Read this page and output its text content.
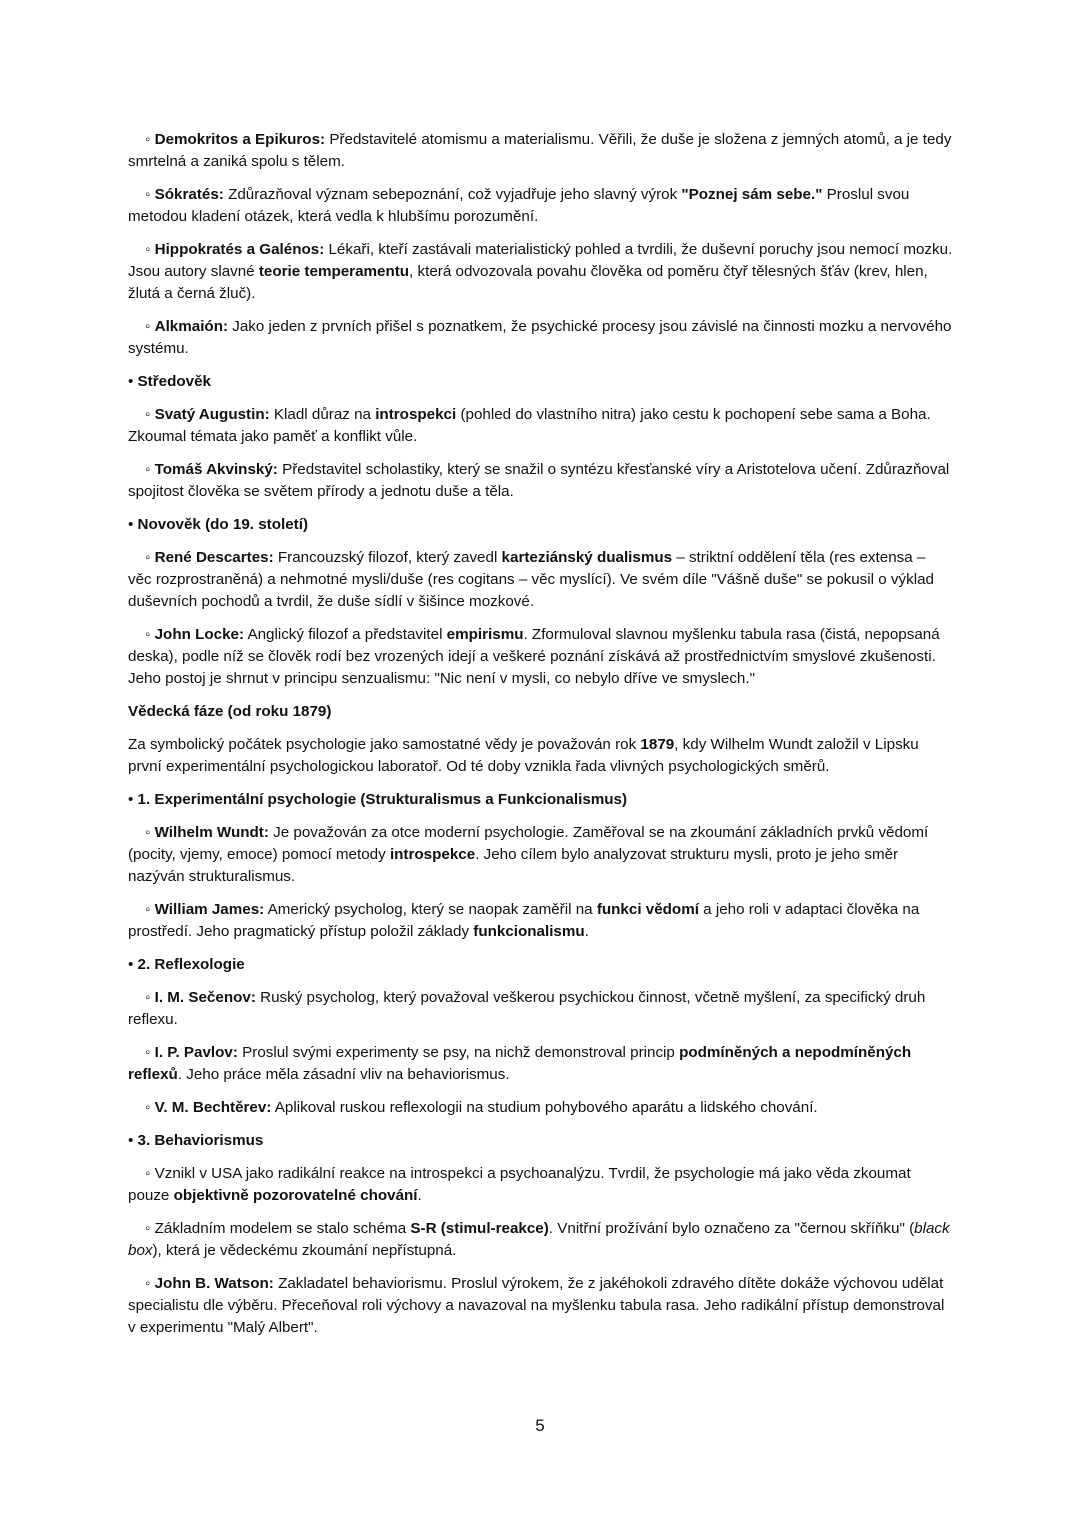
◦ Demokritos a Epikuros: Představitelé atomismu a materialismu. Věřili, že duše je složena z jemných atomů, a je tedy smrtelná a zaniká spolu s tělem.

◦ Sókratés: Zdůrazňoval význam sebepoznání, což vyjadřuje jeho slavný výrok "Poznej sám sebe." Proslul svou metodou kladení otázek, která vedla k hlubšímu porozumění.

◦ Hippokratés a Galénos: Lékaři, kteří zastávali materialistický pohled a tvrdili, že duševní poruchy jsou nemocí mozku. Jsou autory slavné teorie temperamentu, která odvozovala povahu člověka od poměru čtyř tělesných šťáv (krev, hlen, žlutá a černá žluč).

◦ Alkmaión: Jako jeden z prvních přišel s poznatkem, že psychické procesy jsou závislé na činnosti mozku a nervového systému.

• Středověk

◦ Svatý Augustin: Kladl důraz na introspekci (pohled do vlastního nitra) jako cestu k pochopení sebe sama a Boha. Zkoumal témata jako paměť a konflikt vůle.

◦ Tomáš Akvinský: Představitel scholastiky, který se snažil o syntézu křesťanské víry a Aristotelova učení. Zdůrazňoval spojitost člověka se světem přírody a jednotu duše a těla.

• Novověk (do 19. století)

◦ René Descartes: Francouzský filozof, který zavedl karteziánský dualismus – striktní oddělení těla (res extensa – věc rozprostraněná) a nehmotné mysli/duše (res cogitans – věc myslící). Ve svém díle "Vášně duše" se pokusil o výklad duševních pochodů a tvrdil, že duše sídlí v šišince mozkové.

◦ John Locke: Anglický filozof a představitel empirismu. Zformuloval slavnou myšlenku tabula rasa (čistá, nepopsaná deska), podle níž se člověk rodí bez vrozených idejí a veškeré poznání získává až prostřednictvím smyslové zkušenosti. Jeho postoj je shrnut v principu senzualismu: "Nic není v mysli, co nebylo dříve ve smyslech."

Vědecká fáze (od roku 1879)

Za symbolický počátek psychologie jako samostatné vědy je považován rok 1879, kdy Wilhelm Wundt založil v Lipsku první experimentální psychologickou laboratoř. Od té doby vznikla řada vlivných psychologických směrů.

• 1. Experimentální psychologie (Strukturalismus a Funkcionalismus)

◦ Wilhelm Wundt: Je považován za otce moderní psychologie. Zaměřoval se na zkoumání základních prvků vědomí (pocity, vjemy, emoce) pomocí metody introspekce. Jeho cílem bylo analyzovat strukturu mysli, proto je jeho směr nazýván strukturalismus.

◦ William James: Americký psycholog, který se naopak zaměřil na funkci vědomí a jeho roli v adaptaci člověka na prostředí. Jeho pragmatický přístup položil základy funkcionalismu.

• 2. Reflexologie

◦ I. M. Sečenov: Ruský psycholog, který považoval veškerou psychickou činnost, včetně myšlení, za specifický druh reflexu.

◦ I. P. Pavlov: Proslul svými experimenty se psy, na nichž demonstroval princip podmíněných a nepodmíněných reflexů. Jeho práce měla zásadní vliv na behaviorismus.

◦ V. M. Bechtěrev: Aplikoval ruskou reflexologii na studium pohybového aparátu a lidského chování.

• 3. Behaviorismus

◦ Vznikl v USA jako radikální reakce na introspekci a psychoanalýzu. Tvrdil, že psychologie má jako věda zkoumat pouze objektivně pozorovatelné chování.

◦ Základním modelem se stalo schéma S-R (stimul-reakce). Vnitřní prožívání bylo označeno za "černou skříňku" (black box), která je vědeckému zkoumání nepřístupná.

◦ John B. Watson: Zakladatel behaviorismu. Proslul výrokem, že z jakéhokoli zdravého dítěte dokáže výchovou udělat specialistu dle výběru. Přeceňoval roli výchovy a navazoval na myšlenku tabula rasa. Jeho radikální přístup demonstroval v experimentu "Malý Albert".

5
